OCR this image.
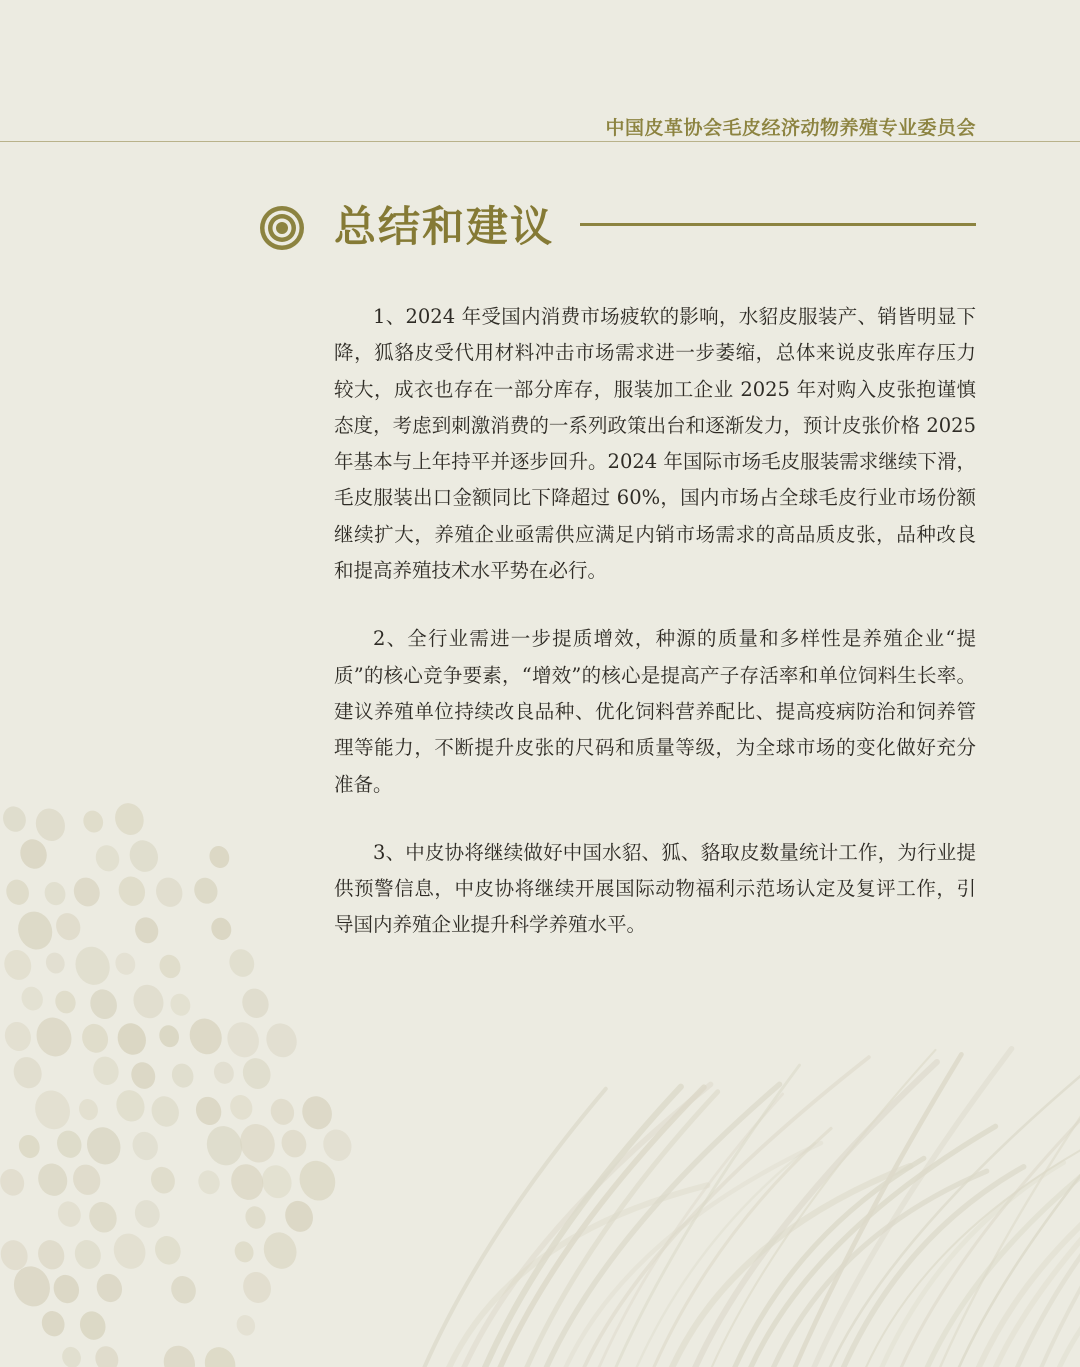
中国皮革协会毛皮经济动物养殖专业委员会
总结和建议

1、2024 年受国内消费市场疲软的影响，水貂皮服装产、销皆明显下降，狐貉皮受代用材料冲击市场需求进一步萎缩，总体来说皮张库存压力较大，成衣也存在一部分库存，服装加工企业 2025 年对购入皮张抱谨慎态度，考虑到刺激消费的一系列政策出台和逐渐发力，预计皮张价格 2025 年基本与上年持平并逐步回升。2024 年国际市场毛皮服装需求继续下滑，毛皮服装出口金额同比下降超过 60%，国内市场占全球毛皮行业市场份额继续扩大，养殖企业亟需供应满足内销市场需求的高品质皮张，品种改良和提高养殖技术水平势在必行。

2、全行业需进一步提质增效，种源的质量和多样性是养殖企业“提质”的核心竞争要素，“增效”的核心是提高产子存活率和单位饲料生长率。建议养殖单位持续改良品种、优化饲料营养配比、提高疫病防治和饲养管理等能力，不断提升皮张的尺码和质量等级，为全球市场的变化做好充分准备。

3、中皮协将继续做好中国水貂、狐、貉取皮数量统计工作，为行业提供预警信息，中皮协将继续开展国际动物福利示范场认定及复评工作，引导国内养殖企业提升科学养殖水平。
